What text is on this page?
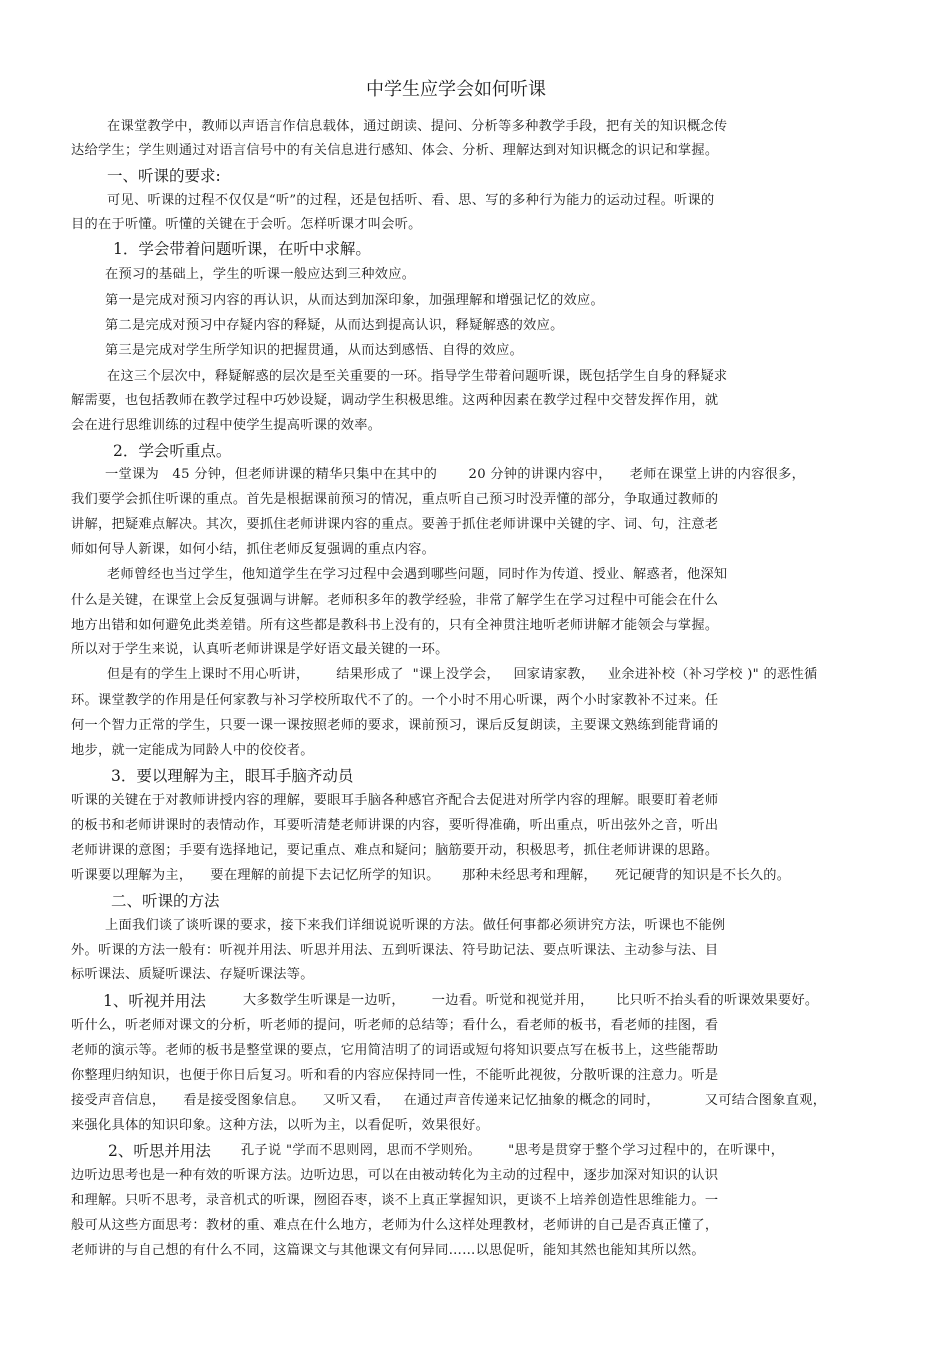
中学生应学会如何听课
在课堂教学中，教师以声语言作信息载体，通过朗读、提问、分析等多种教学手段，把有关的知识概念传
达给学生；学生则通过对语言信号中的有关信息进行感知、体会、分析、理解达到对知识概念的识记和掌握。
一、听课的要求:
可见、听课的过程不仅仅是“听”的过程，还是包括听、看、思、写的多种行为能力的运动过程。听课的
目的在于听懂。听懂的关键在于会听。怎样听课才叫会听。
1．学会带着问题听课，在听中求解。
在预习的基础上，学生的听课一般应达到三种效应。
第一是完成对预习内容的再认识，从而达到加深印象，加强理解和增强记忆的效应。
第二是完成对预习中存疑内容的释疑，从而达到提高认识，释疑解惑的效应。
第三是完成对学生所学知识的把握贯通，从而达到感悟、自得的效应。
在这三个层次中，释疑解惑的层次是至关重要的一环。指导学生带着问题听课，既包括学生自身的释疑求
解需要，也包括教师在教学过程中巧妙设疑，调动学生积极思维。这两种因素在教学过程中交替发挥作用，就
会在进行思维训练的过程中使学生提高听课的效率。
2．学会听重点。
一堂课为   45 分钟，但老师讲课的精华只集中在其中的       20 分钟的讲课内容中，    老师在课堂上讲的内容很多，
我们要学会抓住听课的重点。首先是根据课前预习的情况，重点听自己预习时没弄懂的部分，争取通过教师的
讲解，把疑难点解决。其次，要抓住老师讲课内容的重点。要善于抓住老师讲课中关键的字、词、句，注意老
师如何导人新课，如何小结，抓住老师反复强调的重点内容。
老师曾经也当过学生，他知道学生在学习过程中会遇到哪些问题，同时作为传道、授业、解惑者，他深知
什么是关键，在课堂上会反复强调与讲解。老师积多年的教学经验，非常了解学生在学习过程中可能会在什么
地方出错和如何避免此类差错。所有这些都是教科书上没有的，只有全神贯注地听老师讲解才能领会与掌握。
所以对于学生来说，认真听老师讲课是学好语文最关键的一环。
但是有的学生上课时不用心听讲，      结果形成了  "课上没学会，   回家请家教，   业余进补校（补习学校 )" 的恶性循
环。课堂教学的作用是任何家教与补习学校所取代不了的。一个小时不用心听课，两个小时家教补不过来。任
何一个智力正常的学生，只要一课一课按照老师的要求，课前预习，课后反复朗读，主要课文熟练到能背诵的
地步，就一定能成为同龄人中的佼佼者。
3．要以理解为主，眼耳手脑齐动员
听课的关键在于对教师讲授内容的理解，要眼耳手脑各种感官齐配合去促进对所学内容的理解。眼要盯着老师
的板书和老师讲课时的表情动作，耳要听清楚老师讲课的内容，要听得准确，听出重点，听出弦外之音，听出
老师讲课的意图；手要有选择地记，要记重点、难点和疑问；脑筋要开动，积极思考，抓住老师讲课的思路。
听课要以理解为主，    要在理解的前提下去记忆所学的知识。     那种未经思考和理解，    死记硬背的知识是不长久的。
二、听课的方法
上面我们谈了谈听课的要求，接下来我们详细说说听课的方法。做任何事都必须讲究方法，听课也不能例
外。听课的方法一般有：听视并用法、听思并用法、五到听课法、符号助记法、要点听课法、主动参与法、目
标听课法、质疑听课法、存疑听课法等。
1、听视并用法	大多数学生听课是一边听，      一边看。听觉和视觉并用，     比只听不抬头看的听课效果要好。
听什么，听老师对课文的分析，听老师的提问，听老师的总结等；看什么，看老师的板书，看老师的挂图，看
老师的演示等。老师的板书是整堂课的要点，它用简洁明了的词语或短句将知识要点写在板书上，这些能帮助
你整理归纳知识，也便于你日后复习。听和看的内容应保持同一性，不能听此视彼，分散听课的注意力。听是
接受声音信息，    看是接受图象信息。    又听又看，   在通过声音传递来记忆抽象的概念的同时，          又可结合图象直观，
来强化具体的知识印象。这种方法，以听为主，以看促听，效果很好。
2、听思并用法 孔子说 "学而不思则罔，思而不学则殆。      "思考是贯穿于整个学习过程中的，在听课中，
边听边思考也是一种有效的听课方法。边听边思，可以在由被动转化为主动的过程中，逐步加深对知识的认识
和理解。只听不思考，录音机式的听课，囫囵吞枣，谈不上真正掌握知识，更谈不上培养创造性思维能力。一
般可从这些方面思考：教材的重、难点在什么地方，老师为什么这样处理教材，老师讲的自己是否真正懂了，
老师讲的与自己想的有什么不同，这篇课文与其他课文有何异同……以思促听，能知其然也能知其所以然。
